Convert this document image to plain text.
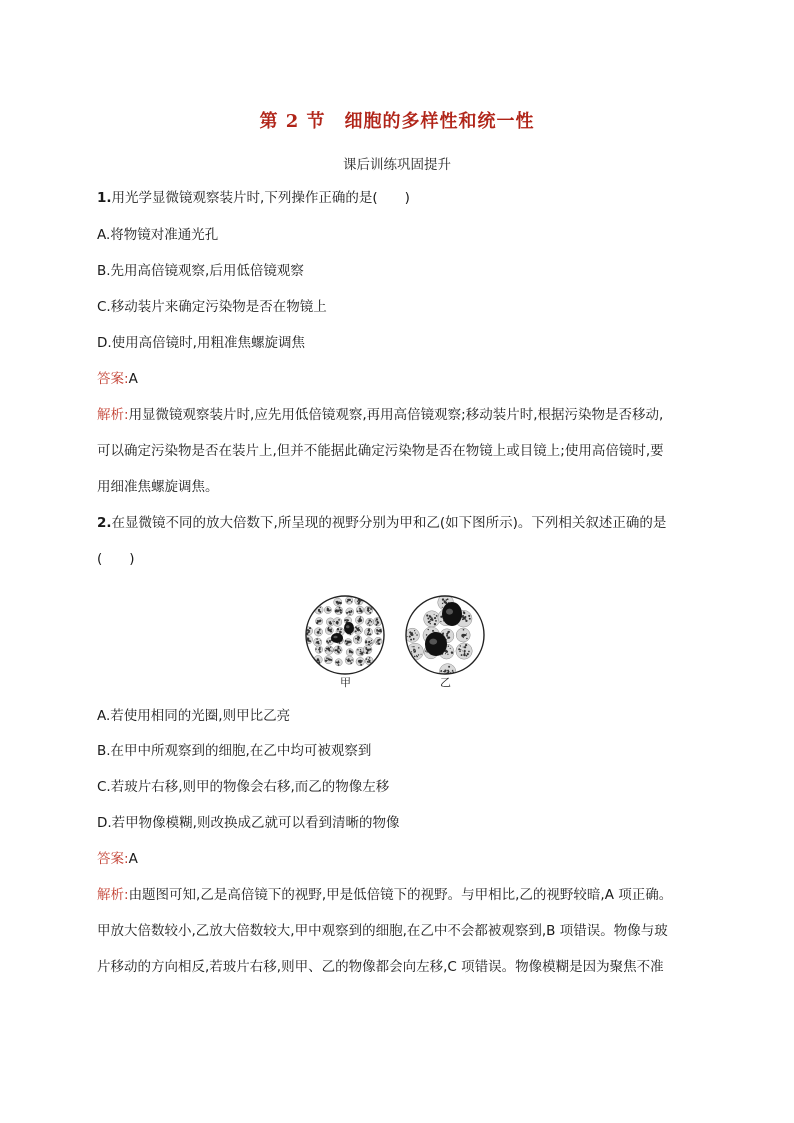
第 2 节　细胞的多样性和统一性
课后训练巩固提升
1.用光学显微镜观察装片时,下列操作正确的是(　　)
A.将物镜对准通光孔
B.先用高倍镜观察,后用低倍镜观察
C.移动装片来确定污染物是否在物镜上
D.使用高倍镜时,用粗准焦螺旋调焦
答案:A
解析:用显微镜观察装片时,应先用低倍镜观察,再用高倍镜观察;移动装片时,根据污染物是否移动,
可以确定污染物是否在装片上,但并不能据此确定污染物是否在物镜上或目镜上;使用高倍镜时,要
用细准焦螺旋调焦。
2.在显微镜不同的放大倍数下,所呈现的视野分别为甲和乙(如下图所示)。下列相关叙述正确的是
(　　)
甲	乙
A.若使用相同的光圈,则甲比乙亮
B.在甲中所观察到的细胞,在乙中均可被观察到
C.若玻片右移,则甲的物像会右移,而乙的物像左移
D.若甲物像模糊,则改换成乙就可以看到清晰的物像
答案:A
解析:由题图可知,乙是高倍镜下的视野,甲是低倍镜下的视野。与甲相比,乙的视野较暗,A 项正确。
甲放大倍数较小,乙放大倍数较大,甲中观察到的细胞,在乙中不会都被观察到,B 项错误。物像与玻
片移动的方向相反,若玻片右移,则甲、乙的物像都会向左移,C 项错误。物像模糊是因为聚焦不准
